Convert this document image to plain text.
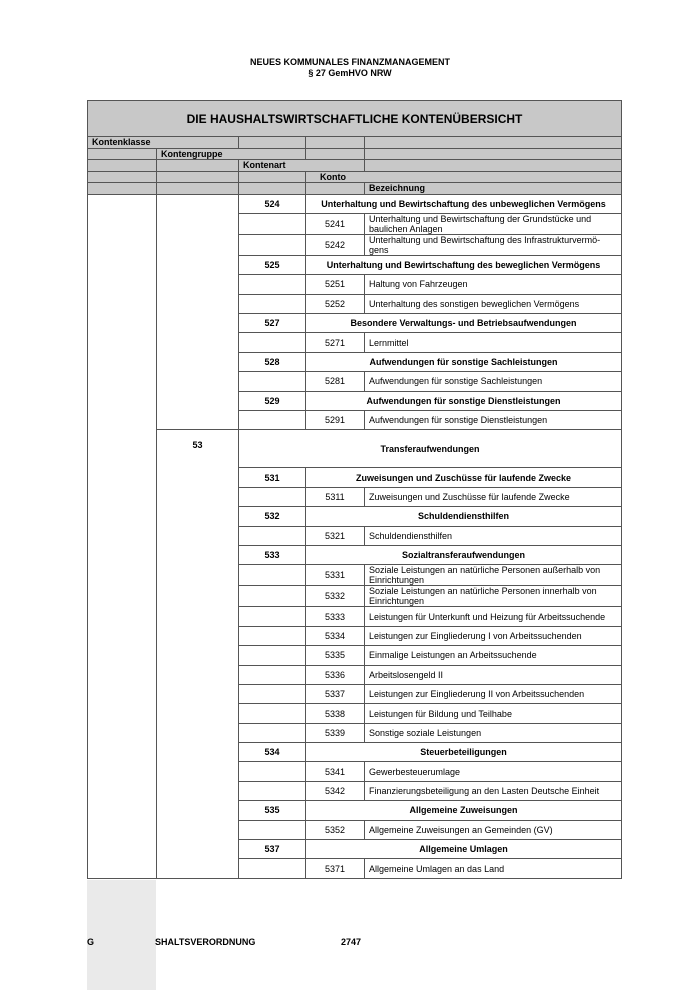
NEUES KOMMUNALES FINANZMANAGEMENT
§ 27 GemHVO NRW
DIE HAUSHALTSWIRTSCHAFTLICHE KONTENÜBERSICHT				
Kontenklasse				
	Kontengruppe			
		Kontenart		
			Konto	
				Bezeichnung
		524	Unterhaltung und Bewirtschaftung des unbeweglichen Vermögens	
			5241	Unterhaltung und Bewirtschaftung der Grundstücke und baulichen Anlagen
			5242	Unterhaltung und Bewirtschaftung des Infrastrukturvermö-gens
		525	Unterhaltung und Bewirtschaftung des beweglichen Vermögens	
			5251	Haltung von Fahrzeugen
			5252	Unterhaltung des sonstigen beweglichen Vermögens
		527	Besondere Verwaltungs- und Betriebsaufwendungen	
			5271	Lernmittel
		528	Aufwendungen für sonstige Sachleistungen	
			5281	Aufwendungen für sonstige Sachleistungen
		529	Aufwendungen für sonstige Dienstleistungen	
			5291	Aufwendungen für sonstige Dienstleistungen
	53	Transferaufwendungen		
		531	Zuweisungen und Zuschüsse für laufende Zwecke	
			5311	Zuweisungen und Zuschüsse für laufende Zwecke
		532	Schuldendiensthilfen	
			5321	Schuldendiensthilfen
		533	Sozialtransferaufwendungen	
			5331	Soziale Leistungen an natürliche Personen außerhalb von Einrichtungen
			5332	Soziale Leistungen an natürliche Personen innerhalb von Einrichtungen
			5333	Leistungen für Unterkunft und Heizung für Arbeitssuchende
			5334	Leistungen zur Eingliederung I von Arbeitssuchenden
			5335	Einmalige Leistungen an Arbeitssuchende
			5336	Arbeitslosengeld II
			5337	Leistungen zur Eingliederung II von Arbeitssuchenden
			5338	Leistungen für Bildung und Teilhabe
			5339	Sonstige soziale Leistungen
		534	Steuerbeteiligungen	
			5341	Gewerbesteuerumlage
			5342	Finanzierungsbeteiligung an den Lasten Deutsche Einheit
		535	Allgemeine Zuweisungen	
			5352	Allgemeine Zuweisungen an Gemeinden (GV)
		537	Allgemeine Umlagen	
			5371	Allgemeine Umlagen an das Land
G	SHALTSVERORDNUNG	2747
